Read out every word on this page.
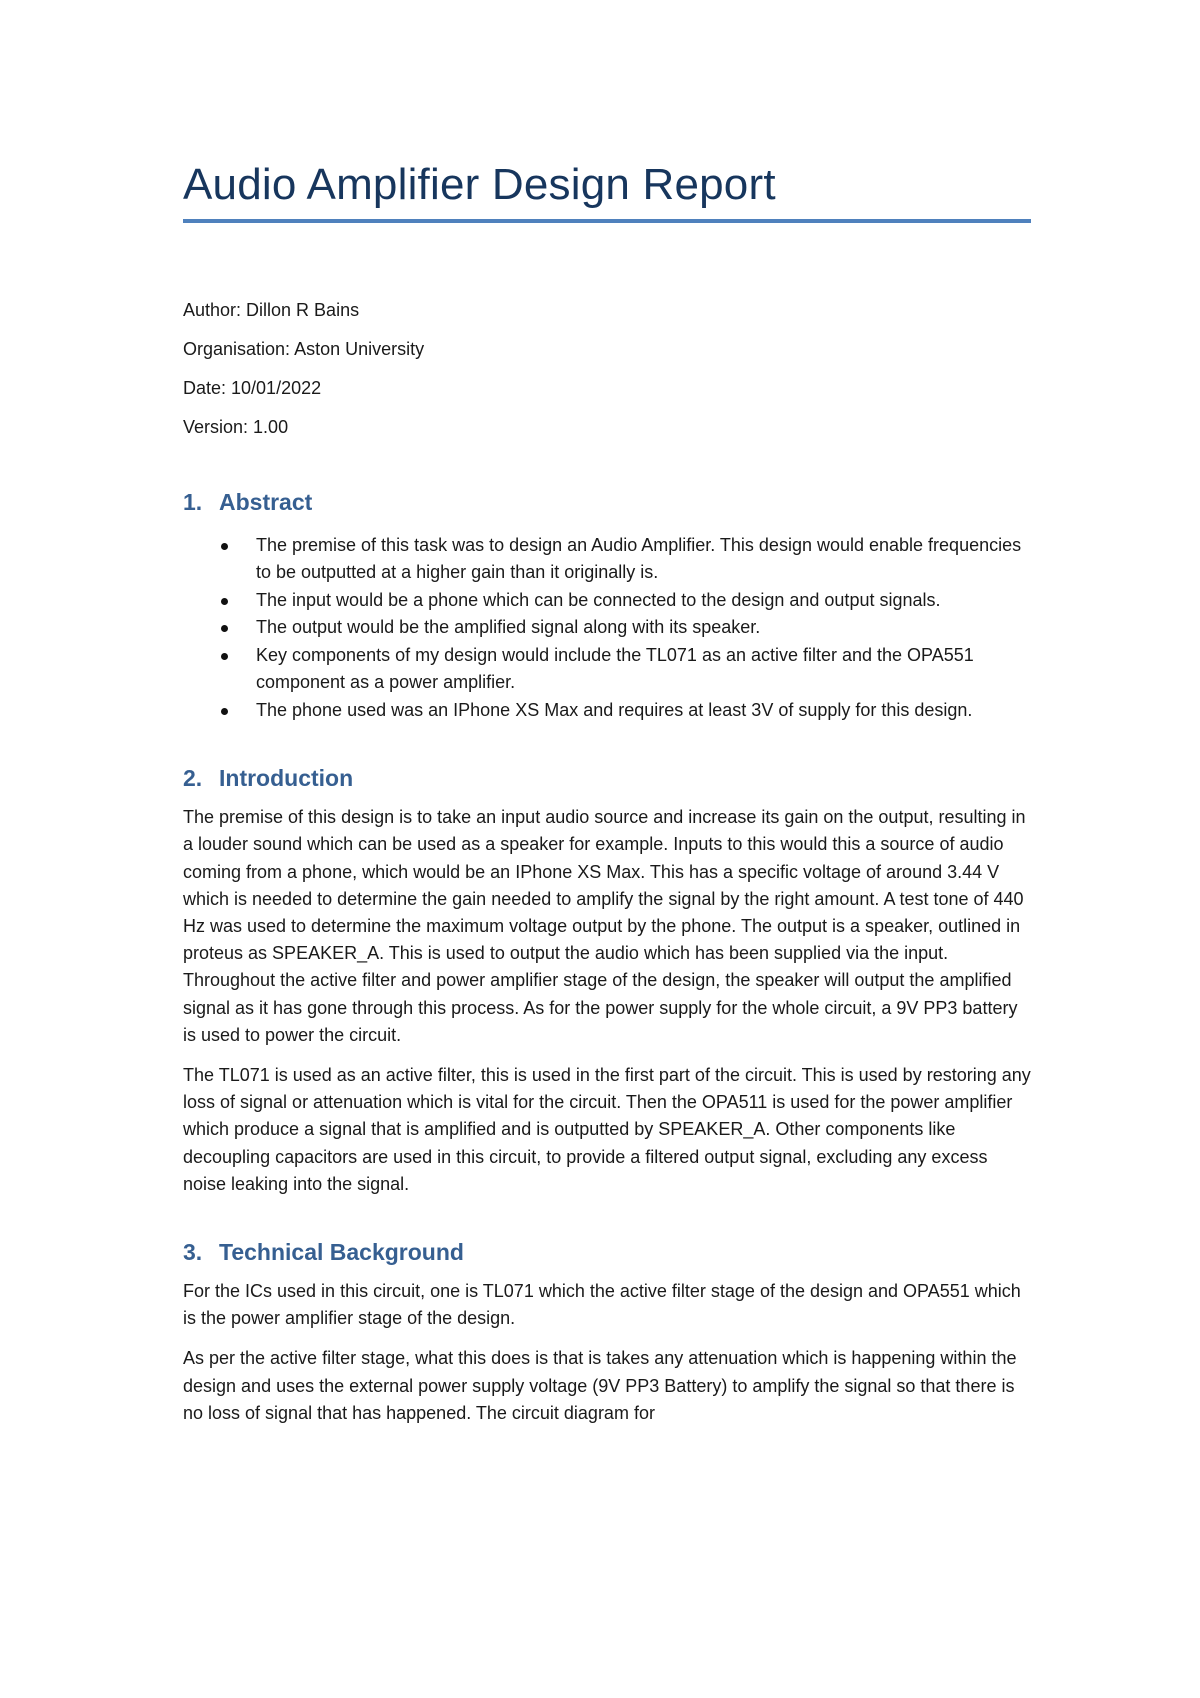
Audio Amplifier Design Report

Author: Dillon R Bains

Organisation: Aston University

Date: 10/01/2022

Version: 1.00

1. Abstract
The premise of this task was to design an Audio Amplifier. This design would enable frequencies to be outputted at a higher gain than it originally is.
The input would be a phone which can be connected to the design and output signals.
The output would be the amplified signal along with its speaker.
Key components of my design would include the TL071 as an active filter and the OPA551 component as a power amplifier.
The phone used was an IPhone XS Max and requires at least 3V of supply for this design.
2. Introduction

The premise of this design is to take an input audio source and increase its gain on the output, resulting in a louder sound which can be used as a speaker for example. Inputs to this would this a source of audio coming from a phone, which would be an IPhone XS Max. This has a specific voltage of around 3.44 V which is needed to determine the gain needed to amplify the signal by the right amount. A test tone of 440 Hz was used to determine the maximum voltage output by the phone. The output is a speaker, outlined in proteus as SPEAKER_A. This is used to output the audio which has been supplied via the input. Throughout the active filter and power amplifier stage of the design, the speaker will output the amplified signal as it has gone through this process. As for the power supply for the whole circuit, a 9V PP3 battery is used to power the circuit.

The TL071 is used as an active filter, this is used in the first part of the circuit. This is used by restoring any loss of signal or attenuation which is vital for the circuit. Then the OPA511 is used for the power amplifier which produce a signal that is amplified and is outputted by SPEAKER_A. Other components like decoupling capacitors are used in this circuit, to provide a filtered output signal, excluding any excess noise leaking into the signal.

3. Technical Background

For the ICs used in this circuit, one is TL071 which the active filter stage of the design and OPA551 which is the power amplifier stage of the design.

As per the active filter stage, what this does is that is takes any attenuation which is happening within the design and uses the external power supply voltage (9V PP3 Battery) to amplify the signal so that there is no loss of signal that has happened. The circuit diagram for
